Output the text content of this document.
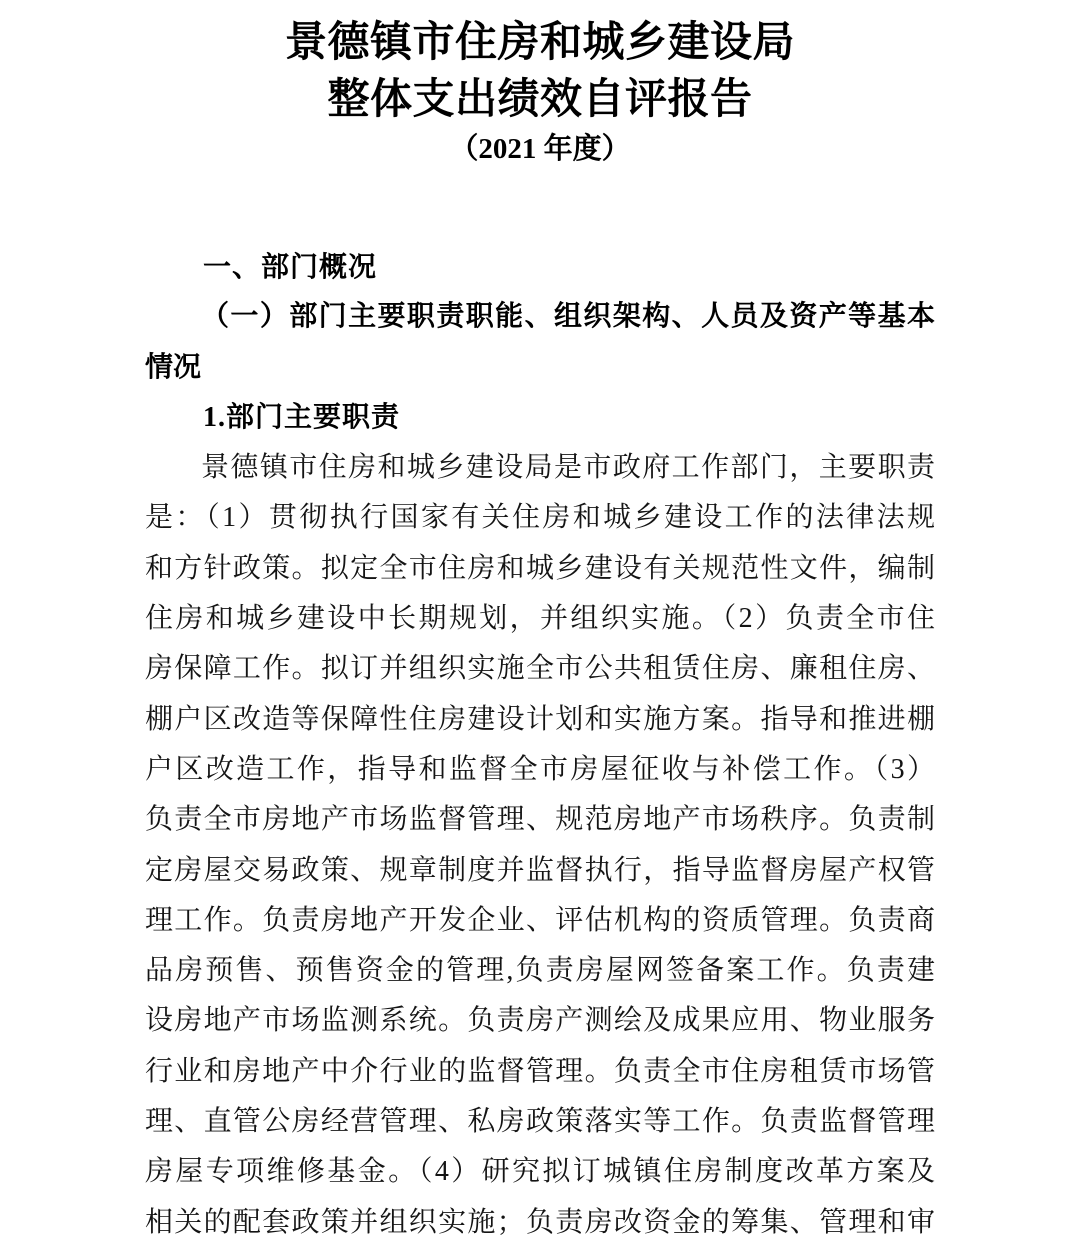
景德镇市住房和城乡建设局
整体支出绩效自评报告
（2021 年度）
一、部门概况
（一）部门主要职责职能、组织架构、人员及资产等基本
情况
1.部门主要职责
景德镇市住房和城乡建设局是市政府工作部门，主要职责
是：（1）贯彻执行国家有关住房和城乡建设工作的法律法规
和方针政策。拟定全市住房和城乡建设有关规范性文件，编制
住房和城乡建设中长期规划，并组织实施。（2）负责全市住
房保障工作。拟订并组织实施全市公共租赁住房、廉租住房、
棚户区改造等保障性住房建设计划和实施方案。指导和推进棚
户区改造工作，指导和监督全市房屋征收与补偿工作。（3）
负责全市房地产市场监督管理、规范房地产市场秩序。负责制
定房屋交易政策、规章制度并监督执行，指导监督房屋产权管
理工作。负责房地产开发企业、评估机构的资质管理。负责商
品房预售、预售资金的管理,负责房屋网签备案工作。负责建
设房地产市场监测系统。负责房产测绘及成果应用、物业服务
行业和房地产中介行业的监督管理。负责全市住房租赁市场管
理、直管公房经营管理、私房政策落实等工作。负责监督管理
房屋专项维修基金。（4）研究拟订城镇住房制度改革方案及
相关的配套政策并组织实施；负责房改资金的筹集、管理和审
